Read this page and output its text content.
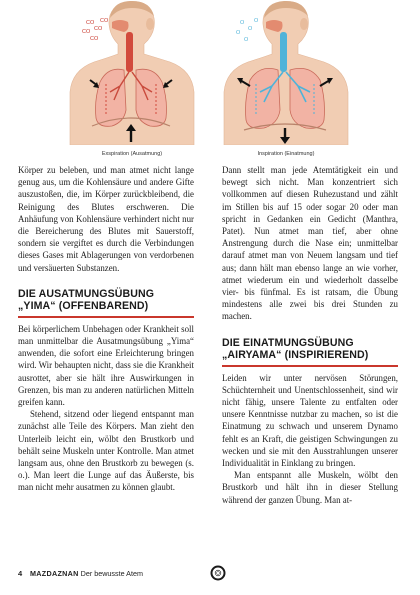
CO
CO
CO
CO
CO
O
O
O
O
O
Exspiration (Ausatmung)	Inspiration (Einatmung)

Körper zu beleben, und man atmet nicht lange genug aus, um die Kohlensäure und andere Gifte auszustoßen, die, im Körper zurückbleibend, die Reinigung des Blutes erschweren. Die Anhäufung von Kohlensäure verhindert nicht nur die Bereicherung des Blutes mit Sauerstoff, sondern sie vergiftet es durch die Verbindungen dieses Gases mit Ablagerungen von verdorbenen und versäuerten Substanzen.

DIE AUSATMUNGSÜBUNG
„YIMA“ (OFFENBAREND)

Bei körperlichem Unbehagen oder Krankheit soll man unmittelbar die Ausatmungsübung „Yima“ anwenden, die sofort eine Erleichterung bringen wird. Wir behaupten nicht, dass sie die Krankheit ausrottet, aber sie hält ihre Auswirkungen in Grenzen, bis man zu anderen natürlichen Mitteln greifen kann.

Stehend, sitzend oder liegend entspannt man zunächst alle Teile des Körpers. Man zieht den Unterleib leicht ein, wölbt den Brustkorb und behält seine Muskeln unter Kontrolle. Man atmet langsam aus, ohne den Brustkorb zu bewegen (s. o.). Man leert die Lunge auf das Äußerste, bis man nicht mehr ausatmen zu können glaubt.

Dann stellt man jede Atemtätigkeit ein und bewegt sich nicht. Man konzentriert sich vollkommen auf diesen Ruhezustand und zählt im Stillen bis auf 15 oder sogar 20 oder man spricht in Gedanken ein Gedicht (Manthra, Patet). Nun atmet man tief, aber ohne Anstrengung durch die Nase ein; unmittelbar darauf atmet man von Neuem langsam und tief aus; dann hält man ebenso lange an wie vorher, atmet wiederum ein und wiederholt dasselbe vier- bis fünfmal. Es ist ratsam, die Übung mindestens alle zwei bis drei Stunden zu machen.

DIE EINATMUNGSÜBUNG
„AIRYAMA“ (INSPIRIEREND)

Leiden wir unter nervösen Störungen, Schüchternheit und Unentschlossenheit, sind wir nicht fähig, unsere Talente zu entfalten oder unsere Kenntnisse nutzbar zu machen, so ist die Einatmung zu schwach und unserem Dynamo fehlt es an Kraft, die geistigen Schwingungen zu wecken und sie mit den Ausstrahlungen unserer Individualität in Einklang zu bringen.

Man entspannt alle Muskeln, wölbt den Brustkorb und hält ihn in dieser Stellung während der ganzen Übung. Man at-

4 MAZDAZNAN Der bewusste Atem
